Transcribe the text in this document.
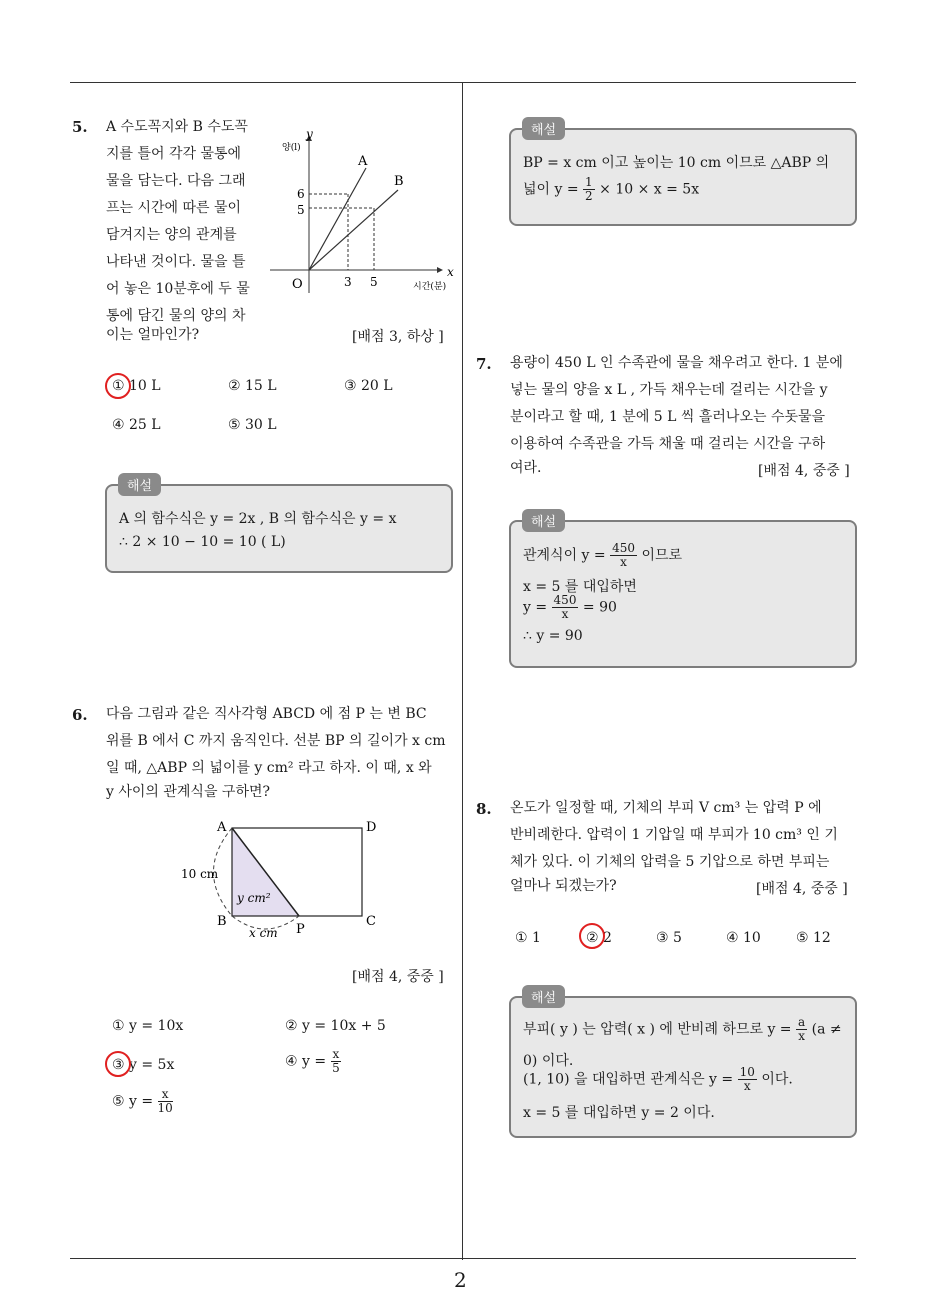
2
5. A 수도꼭지와 B 수도꼭
지를 틀어 각각 물통에
물을 담는다. 다음 그래
프는 시간에 따른 물이
담겨지는 양의 관계를
나타낸 것이다. 물을 틀
어 놓은 10분후에 두 물
통에 담긴 물의 양의 차
이는 얼마인가?
y
양(l)
x
시간(분)
O	3 5
6
5
A
B
[배점 3, 하상 ]
① 10 L	② 15 L	③ 20 L
④ 25 L	⑤ 30 L
A 의 함수식은 y = 2x , B 의 함수식은 y = x
∴ 2 × 10 − 10 = 10 ( L)
해설
6. 다음 그림과 같은 직사각형 ABCD 에 점 P 는 변 BC
위를 B 에서 C 까지 움직인다. 선분 BP 의 길이가 x cm
일 때, △ABP 의 넓이를 y cm² 라고 하자. 이 때, x 와
y 사이의 관계식을 구하면?
A	D
B	C
P
10 cm
y cm²
x cm
[배점 4, 중중 ]
① y = 10x	② y = 10x + 5
③ y = 5x	④ $y = \frac{x}{5}$
⑤ $y = \frac{x}{10}$
BP = x cm 이고 높이는 10 cm 이므로 △ABP 의
넓이 $y = \frac{1}{2} \times 10 \times x = 5x$
해설
7. 용량이 450 L 인 수족관에 물을 채우려고 한다. 1 분에
넣는 물의 양을 x L , 가득 채우는데 걸리는 시간을 y
분이라고 할 때, 1 분에 5 L 씩 흘러나오는 수돗물을
이용하여 수족관을 가득 채울 때 걸리는 시간을 구하
여라.	[배점 4, 중중 ]
관계식이 $y = \frac{450}{x}$ 이므로
x = 5 를 대입하면
$y = \frac{450}{x} = 90$
∴ y = 90
해설
8. 온도가 일정할 때, 기체의 부피 V cm³ 는 압력 P 에
반비례한다. 압력이 1 기압일 때 부피가 10 cm³ 인 기
체가 있다. 이 기체의 압력을 5 기압으로 하면 부피는
얼마나 되겠는가?	[배점 4, 중중 ]
① 1	② 2	③ 5	④ 10	⑤ 12
부피( y ) 는 압력( x ) 에 반비례 하므로 $y = \frac{a}{x} (a$ ≠
0) 이다.
(1, 10) 을 대입하면 관계식은 $y = \frac{10}{x}$ 이다.
x = 5 를 대입하면 y = 2 이다.
해설
